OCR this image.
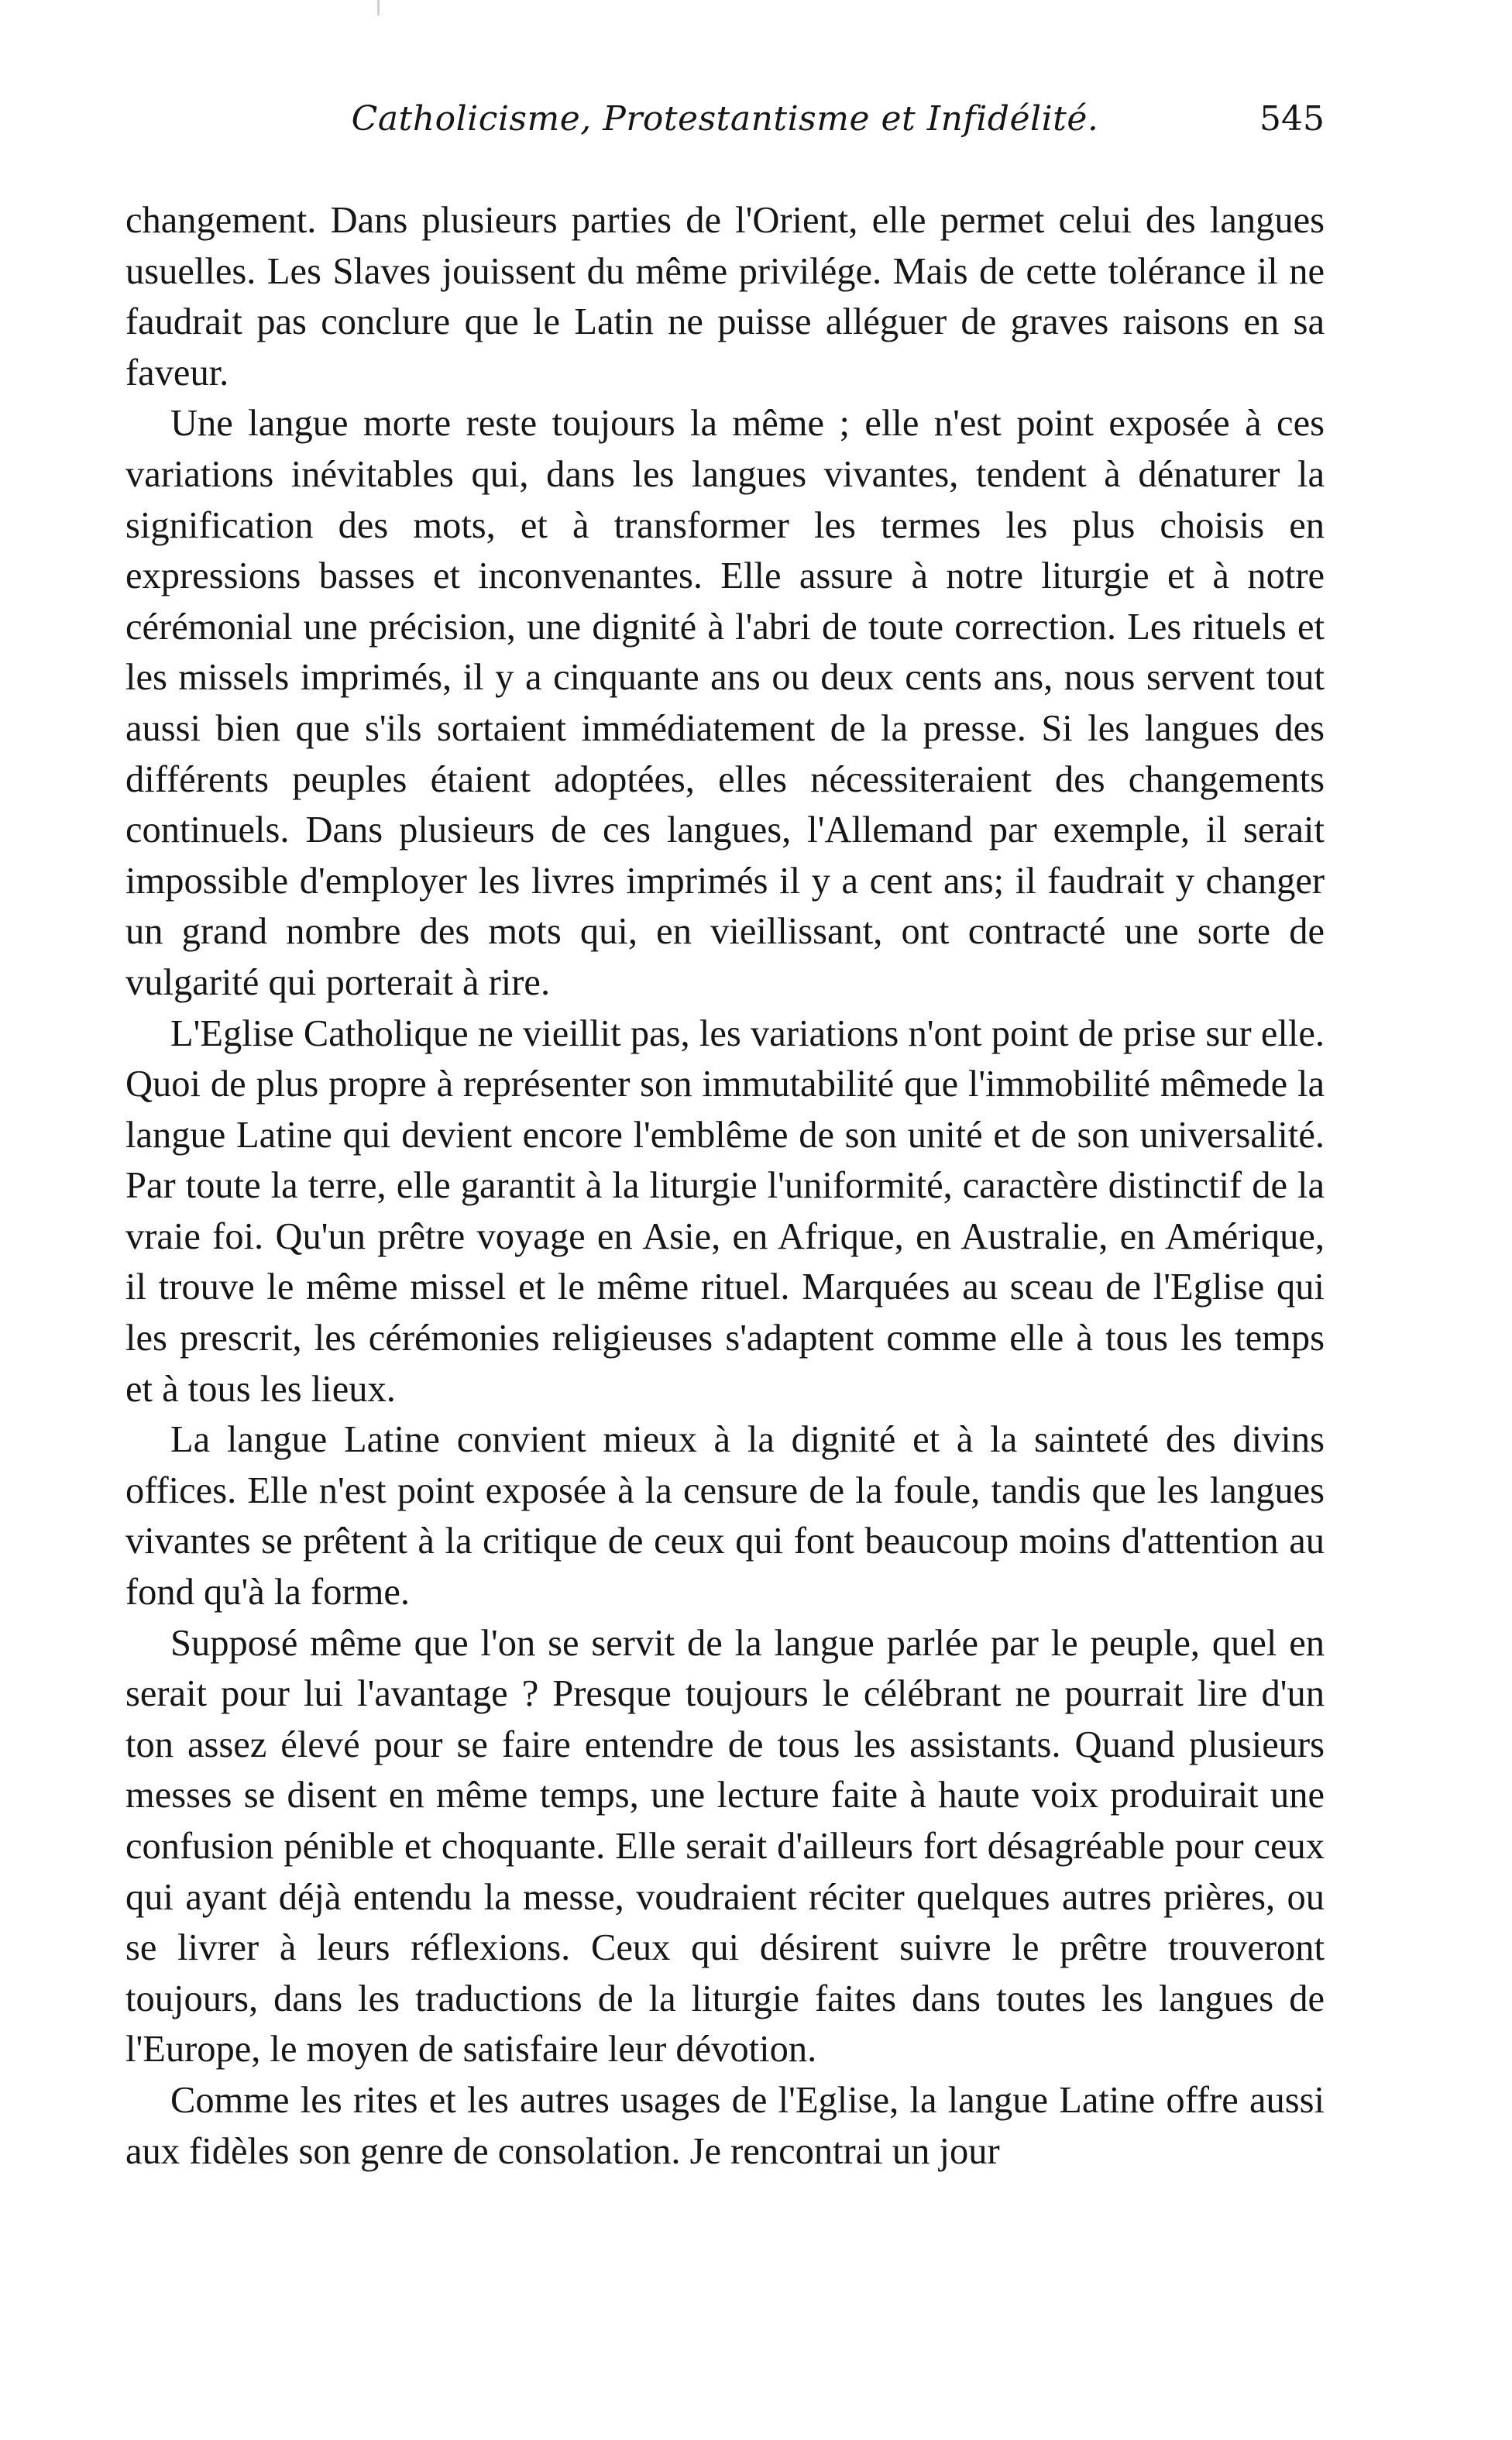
Catholicisme, Protestantisme et Infidélité.	545

changement. Dans plusieurs parties de l'Orient, elle permet celui des langues usuelles. Les Slaves jouissent du même privilége. Mais de cette tolérance il ne faudrait pas conclure que le Latin ne puisse alléguer de graves raisons en sa faveur.

Une langue morte reste toujours la même ; elle n'est point exposée à ces variations inévitables qui, dans les langues vivantes, tendent à dénaturer la signification des mots, et à transformer les termes les plus choisis en expressions basses et inconvenantes. Elle assure à notre liturgie et à notre cérémonial une précision, une dignité à l'abri de toute correction. Les rituels et les missels imprimés, il y a cinquante ans ou deux cents ans, nous servent tout aussi bien que s'ils sortaient immédiatement de la presse. Si les langues des différents peuples étaient adoptées, elles nécessiteraient des changements continuels. Dans plusieurs de ces langues, l'Allemand par exemple, il serait impossible d'employer les livres imprimés il y a cent ans; il faudrait y changer un grand nombre des mots qui, en vieillissant, ont contracté une sorte de vulgarité qui porterait à rire.

L'Eglise Catholique ne vieillit pas, les variations n'ont point de prise sur elle. Quoi de plus propre à représenter son immutabilité que l'immobilité mêmede la langue Latine qui devient encore l'emblême de son unité et de son universalité. Par toute la terre, elle garantit à la liturgie l'uniformité, caractère distinctif de la vraie foi. Qu'un prêtre voyage en Asie, en Afrique, en Australie, en Amérique, il trouve le même missel et le même rituel. Marquées au sceau de l'Eglise qui les prescrit, les cérémonies religieuses s'adaptent comme elle à tous les temps et à tous les lieux.

La langue Latine convient mieux à la dignité et à la sainteté des divins offices. Elle n'est point exposée à la censure de la foule, tandis que les langues vivantes se prêtent à la critique de ceux qui font beaucoup moins d'attention au fond qu'à la forme.

Supposé même que l'on se servit de la langue parlée par le peuple, quel en serait pour lui l'avantage ? Presque toujours le célébrant ne pourrait lire d'un ton assez élevé pour se faire entendre de tous les assistants. Quand plusieurs messes se disent en même temps, une lecture faite à haute voix produirait une confusion pénible et choquante. Elle serait d'ailleurs fort désagréable pour ceux qui ayant déjà entendu la messe, voudraient réciter quelques autres prières, ou se livrer à leurs réflexions. Ceux qui désirent suivre le prêtre trouveront toujours, dans les traductions de la liturgie faites dans toutes les langues de l'Europe, le moyen de satisfaire leur dévotion.

Comme les rites et les autres usages de l'Eglise, la langue Latine offre aussi aux fidèles son genre de consolation. Je rencontrai un jour
